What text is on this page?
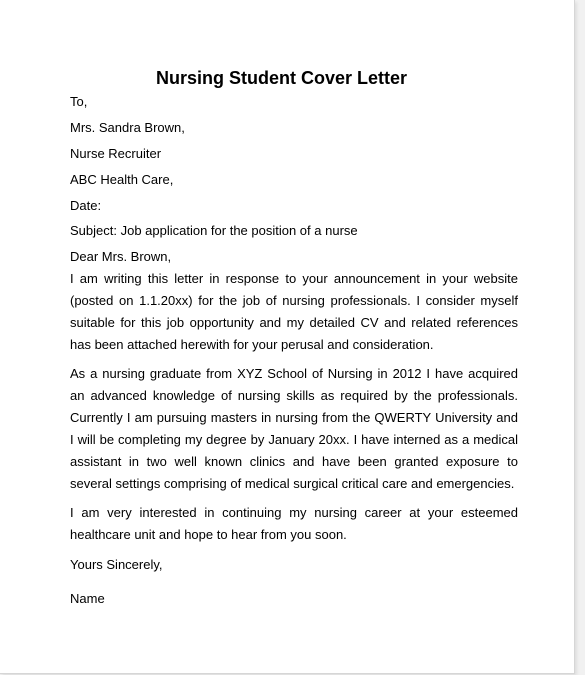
Nursing Student Cover Letter
To,
Mrs. Sandra Brown,
Nurse Recruiter
ABC Health Care,
Date:
Subject: Job application for the position of a nurse
Dear Mrs. Brown,

I am writing this letter in response to your announcement in your website (posted on 1.1.20xx) for the job of nursing professionals. I consider myself suitable for this job opportunity and my detailed CV and related references has been attached herewith for your perusal and consideration.

As a nursing graduate from XYZ School of Nursing in 2012 I have acquired an advanced knowledge of nursing skills as required by the professionals. Currently I am pursuing masters in nursing from the QWERTY University and I will be completing my degree by January 20xx. I have interned as a medical assistant in two well known clinics and have been granted exposure to several settings comprising of medical surgical critical care and emergencies.

I am very interested in continuing my nursing career at your esteemed healthcare unit and hope to hear from you soon.

Yours Sincerely,
Name
